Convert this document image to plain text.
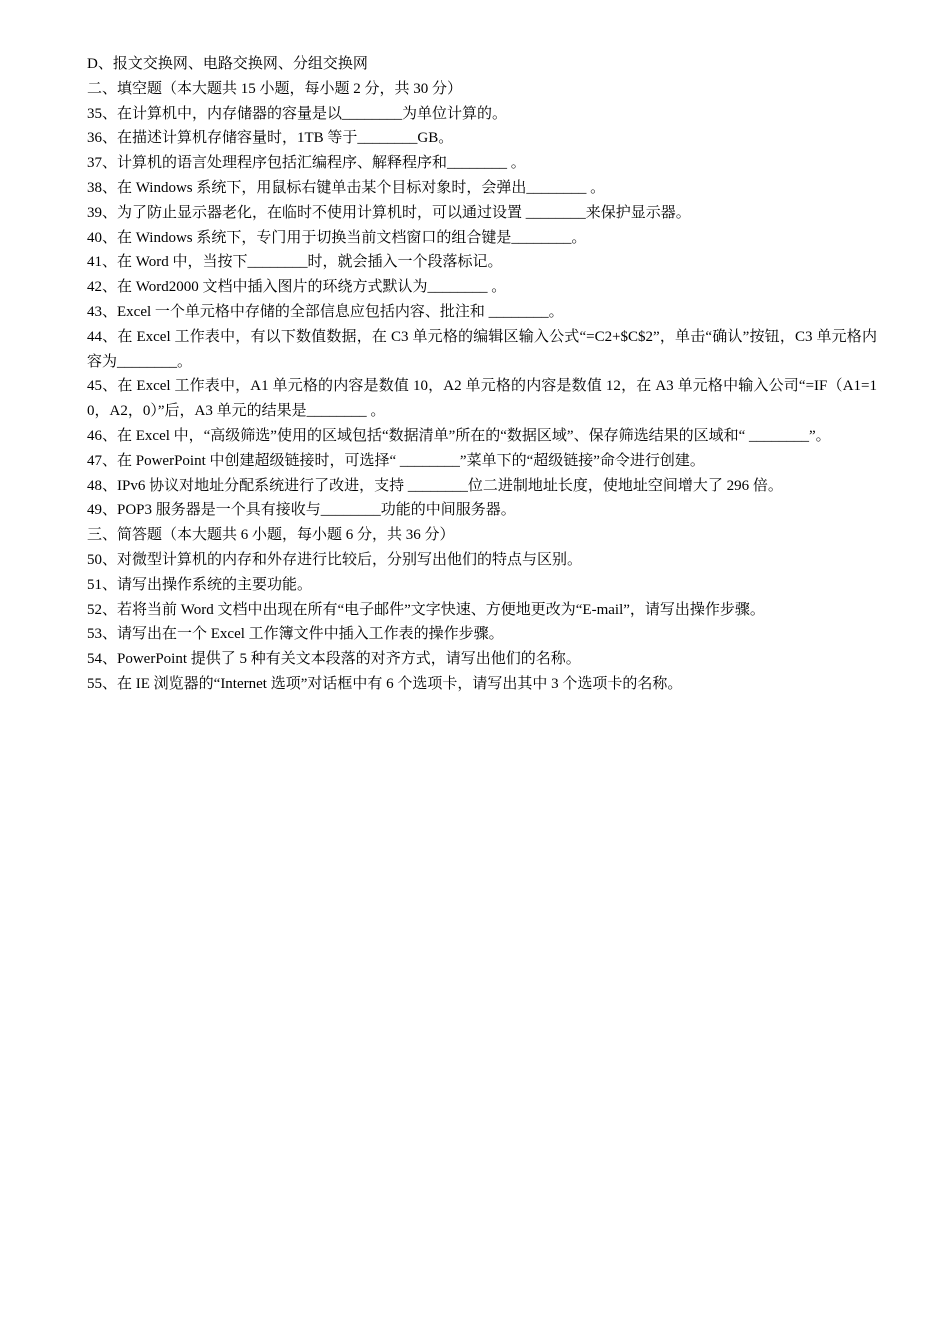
D、报文交换网、电路交换网、分组交换网

二、填空题（本大题共 15 小题，每小题 2 分，共 30 分）

35、在计算机中，内存储器的容量是以________为单位计算的。

36、在描述计算机存储容量时，1TB 等于________GB。

37、计算机的语言处理程序包括汇编程序、解释程序和________ 。

38、在 Windows 系统下，用鼠标右键单击某个目标对象时，会弹出________ 。

39、为了防止显示器老化，在临时不使用计算机时，可以通过设置 ________来保护显示器。

40、在 Windows 系统下，专门用于切换当前文档窗口的组合键是________。

41、在 Word 中，当按下________时，就会插入一个段落标记。

42、在 Word2000 文档中插入图片的环绕方式默认为________ 。

43、Excel 一个单元格中存储的全部信息应包括内容、批注和 ________。

44、在 Excel 工作表中，有以下数值数据，在 C3 单元格的编辑区输入公式“=C2+$C$2”，单击“确认”按钮，C3 单元格内容为________。

45、在 Excel 工作表中，A1 单元格的内容是数值 10，A2 单元格的内容是数值 12，在 A3 单元格中输入公司“=IF（A1=10，A2，0）”后，A3 单元的结果是________ 。

46、在 Excel 中，“高级筛选”使用的区域包括“数据清单”所在的“数据区域”、保存筛选结果的区域和“ ________”。

47、在 PowerPoint 中创建超级链接时，可选择“ ________”菜单下的“超级链接”命令进行创建。

48、IPv6 协议对地址分配系统进行了改进，支持 ________位二进制地址长度，使地址空间增大了 296 倍。

49、POP3 服务器是一个具有接收与________功能的中间服务器。

三、简答题（本大题共 6 小题，每小题 6 分，共 36 分）

50、对微型计算机的内存和外存进行比较后，分别写出他们的特点与区别。

51、请写出操作系统的主要功能。

52、若将当前 Word 文档中出现在所有“电子邮件”文字快速、方便地更改为“E-mail”，请写出操作步骤。

53、请写出在一个 Excel 工作簿文件中插入工作表的操作步骤。

54、PowerPoint 提供了 5 种有关文本段落的对齐方式，请写出他们的名称。

55、在 IE 浏览器的“Internet 选项”对话框中有 6 个选项卡，请写出其中 3 个选项卡的名称。
